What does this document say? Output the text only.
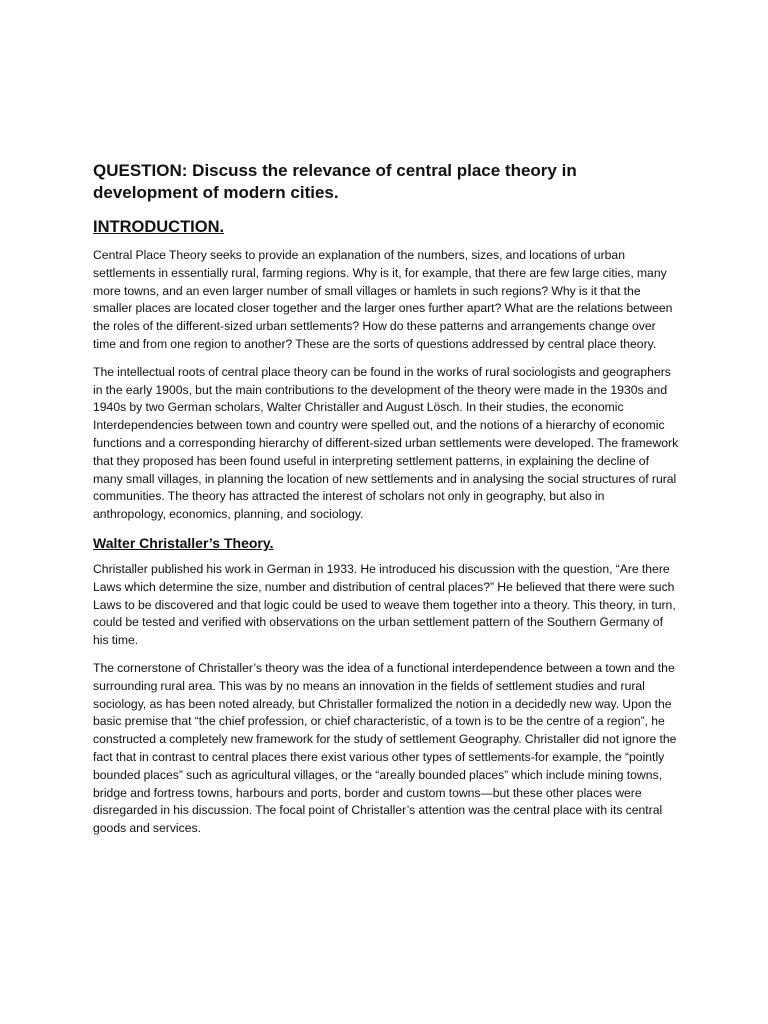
QUESTION: Discuss the relevance of central place theory in development of modern cities.
INTRODUCTION.

Central Place Theory seeks to provide an explanation of the numbers, sizes, and locations of urban settlements in essentially rural, farming regions. Why is it, for example, that there are few large cities, many more towns, and an even larger number of small villages or hamlets in such regions? Why is it that the smaller places are located closer together and the larger ones further apart? What are the relations between the roles of the different-sized urban settlements? How do these patterns and arrangements change over time and from one region to another? These are the sorts of questions addressed by central place theory.

The intellectual roots of central place theory can be found in the works of rural sociologists and geographers in the early 1900s, but the main contributions to the development of the theory were made in the 1930s and 1940s by two German scholars, Walter Christaller and August Lösch. In their studies, the economic Interdependencies between town and country were spelled out, and the notions of a hierarchy of economic functions and a corresponding hierarchy of different-sized urban settlements were developed. The framework that they proposed has been found useful in interpreting settlement patterns, in explaining the decline of many small villages, in planning the location of new settlements and in analysing the social structures of rural communities. The theory has attracted the interest of scholars not only in geography, but also in anthropology, economics, planning, and sociology.

Walter Christaller’s Theory.

Christaller published his work in German in 1933. He introduced his discussion with the question, “Are there Laws which determine the size, number and distribution of central places?” He believed that there were such Laws to be discovered and that logic could be used to weave them together into a theory. This theory, in turn, could be tested and verified with observations on the urban settlement pattern of the Southern Germany of his time.

The cornerstone of Christaller’s theory was the idea of a functional interdependence between a town and the surrounding rural area. This was by no means an innovation in the fields of settlement studies and rural sociology, as has been noted already, but Christaller formalized the notion in a decidedly new way. Upon the basic premise that “the chief profession, or chief characteristic, of a town is to be the centre of a region”, he constructed a completely new framework for the study of settlement Geography. Christaller did not ignore the fact that in contrast to central places there exist various other types of settlements-for example, the “pointly bounded places” such as agricultural villages, or the “areally bounded places” which include mining towns, bridge and fortress towns, harbours and ports, border and custom towns—but these other places were disregarded in his discussion. The focal point of Christaller’s attention was the central place with its central goods and services.
